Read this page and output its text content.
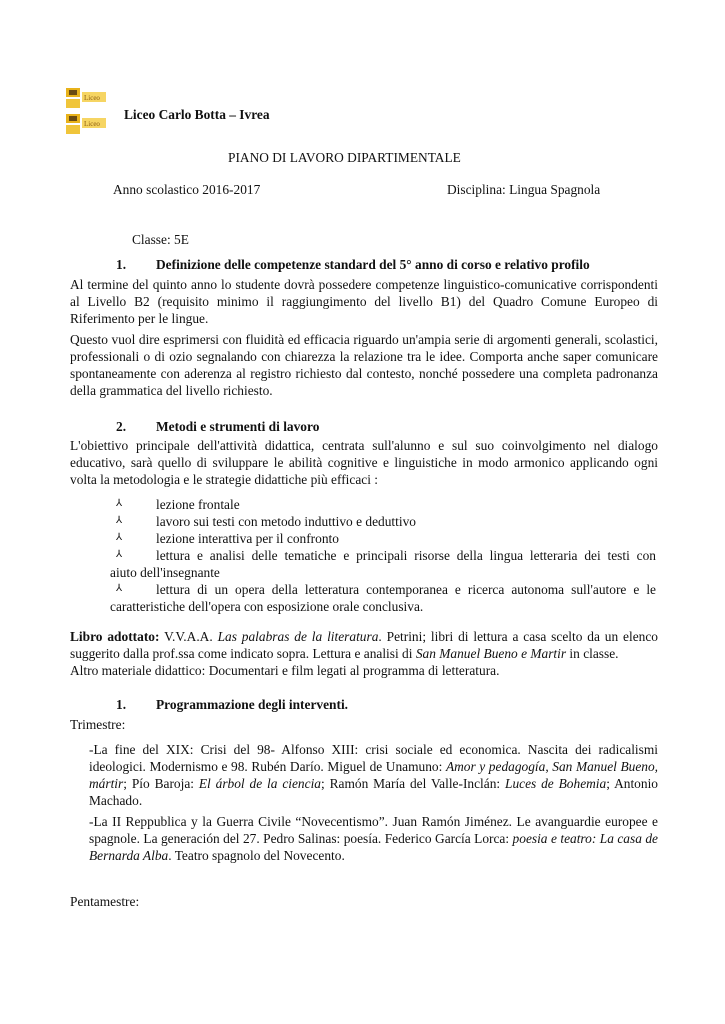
Liceo
Liceo
Liceo Carlo Botta – Ivrea
PIANO DI LAVORO DIPARTIMENTALE
Anno scolastico 2016-2017	Disciplina: Lingua Spagnola
Classe: 5E
1. Definizione delle competenze standard del 5° anno di corso e relativo profilo

Al termine del quinto anno lo studente dovrà possedere competenze linguistico-comunicative corrispondenti al Livello B2 (requisito minimo il raggiungimento del livello B1) del Quadro Comune Europeo di Riferimento per le lingue.

Questo vuol dire esprimersi con fluidità ed efficacia riguardo un'ampia serie di argomenti generali, scolastici, professionali o di ozio segnalando con chiarezza la relazione tra le idee. Comporta anche saper comunicare spontaneamente con aderenza al registro richiesto dal contesto, nonché possedere una completa padronanza della grammatica del livello richiesto.

2. Metodi e strumenti di lavoro

L'obiettivo principale dell'attività didattica, centrata sull'alunno e sul suo coinvolgimento nel dialogo educativo, sarà quello di sviluppare le abilità cognitive e linguistiche in modo armonico applicando ogni volta la metodologia e le strategie didattiche più efficaci :

⅄	lezione frontale
⅄	lavoro sui testi con metodo induttivo e deduttivo
⅄	lezione interattiva per il confronto
⅄	lettura e analisi delle tematiche e principali risorse della lingua letteraria dei testi con
aiuto dell'insegnante
⅄	lettura di un opera della letteratura contemporanea e ricerca autonoma sull'autore e le
caratteristiche dell'opera con esposizione orale conclusiva.

Libro adottato: V.V.A.A. Las palabras de la literatura. Petrini; libri di lettura a casa scelto da un elenco suggerito dalla prof.ssa come indicato sopra. Lettura e analisi di San Manuel Bueno e Martir in classe.

Altro materiale didattico: Documentari e film legati al programma di letteratura.
1. Programmazione degli interventi.
Trimestre:

-La fine del XIX: Crisi del 98- Alfonso XIII: crisi sociale ed economica. Nascita dei radicalismi ideologici. Modernismo e 98. Rubén Darío. Miguel de Unamuno: Amor y pedagogía, San Manuel Bueno, mártir; Pío Baroja: El árbol de la ciencia; Ramón María del Valle-Inclán: Luces de Bohemia; Antonio Machado.

-La II Reppublica y la Guerra Civile “Novecentismo”. Juan Ramón Jiménez. Le avanguardie europee e spagnole. La generación del 27. Pedro Salinas: poesía. Federico García Lorca: poesia e teatro: La casa de Bernarda Alba. Teatro spagnolo del Novecento.

Pentamestre:
